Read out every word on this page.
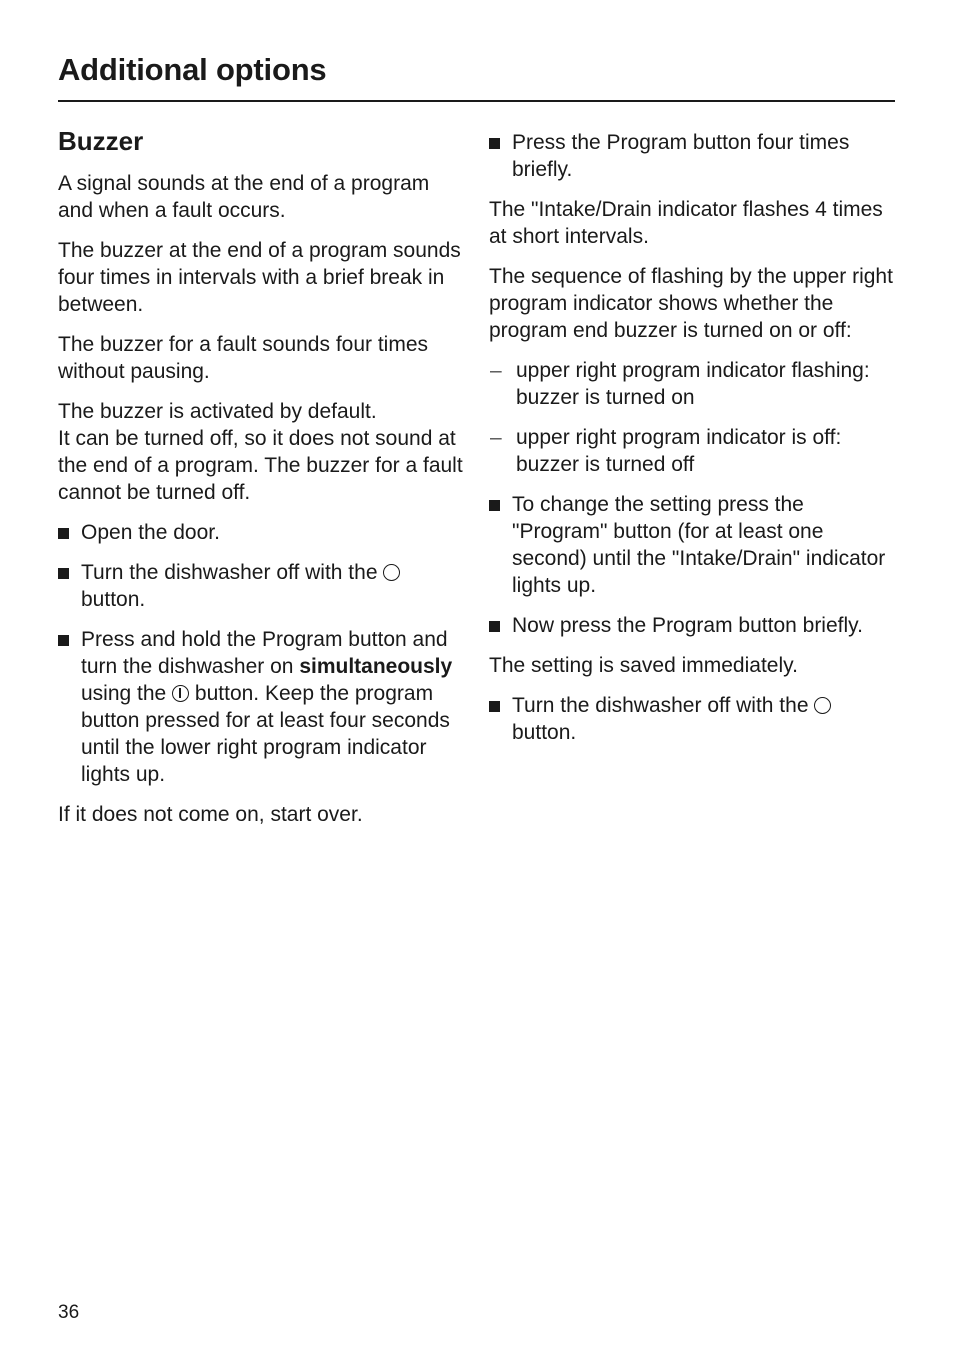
Additional options
Buzzer

A signal sounds at the end of a program and when a fault occurs.

The buzzer at the end of a program sounds four times in intervals with a brief break in between.

The buzzer for a fault sounds four times without pausing.

The buzzer is activated by default.
It can be turned off, so it does not sound at the end of a program. The buzzer for a fault cannot be turned off.

Open the door.
Turn the dishwasher off with the
button.
Press and hold the Program button and turn the dishwasher on simultaneously using the button. Keep the program button pressed for at least four seconds until the lower right program indicator lights up.

If it does not come on, start over.

Press the Program button four times briefly.

The "Intake/Drain indicator flashes 4 times at short intervals.

The sequence of flashing by the upper right program indicator shows whether the program end buzzer is turned on or off:

– upper right program indicator flashing: buzzer is turned on
– upper right program indicator is off: buzzer is turned off
To change the setting press the "Program" button (for at least one second) until the "Intake/Drain" indicator lights up.
Now press the Program button briefly.

The setting is saved immediately.

Turn the dishwasher off with the
button.
36
